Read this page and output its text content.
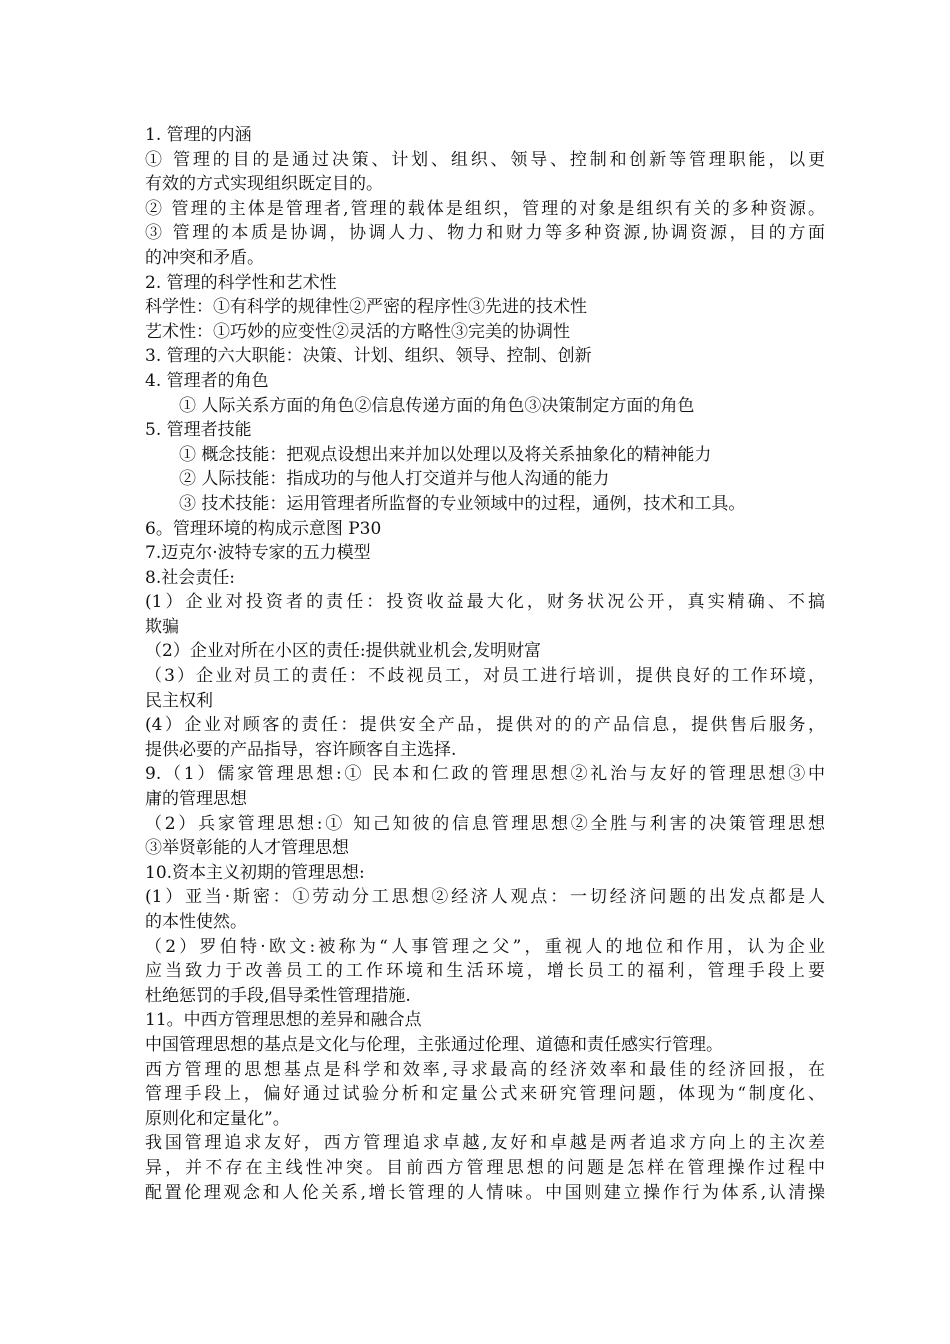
1. 管理的内涵
① 管理的目的是通过决策、计划、组织、领导、控制和创新等管理职能，以更
有效的方式实现组织既定目的。
② 管理的主体是管理者,管理的载体是组织，管理的对象是组织有关的多种资源。
③ 管理的本质是协调，协调人力、物力和财力等多种资源,协调资源，目的方面
的冲突和矛盾。
2. 管理的科学性和艺术性
科学性：①有科学的规律性②严密的程序性③先进的技术性
艺术性：①巧妙的应变性②灵活的方略性③完美的协调性
3. 管理的六大职能：决策、计划、组织、领导、控制、创新
4. 管理者的角色
① 人际关系方面的角色②信息传递方面的角色③决策制定方面的角色
5. 管理者技能
① 概念技能：把观点设想出来并加以处理以及将关系抽象化的精神能力
② 人际技能：指成功的与他人打交道并与他人沟通的能力
③ 技术技能：运用管理者所监督的专业领域中的过程，通例，技术和工具。
6。管理环境的构成示意图 P30
7.迈克尔·波特专家的五力模型
8.社会责任:
(1）企业对投资者的责任：投资收益最大化，财务状况公开，真实精确、不搞
欺骗
（2）企业对所在小区的责任:提供就业机会,发明财富
（3）企业对员工的责任：不歧视员工，对员工进行培训，提供良好的工作环境，
民主权利
(4）企业对顾客的责任：提供安全产品，提供对的的产品信息，提供售后服务，
提供必要的产品指导，容许顾客自主选择.
9.（1）儒家管理思想:① 民本和仁政的管理思想②礼治与友好的管理思想③中
庸的管理思想
（2）兵家管理思想:① 知己知彼的信息管理思想②全胜与利害的决策管理思想
③举贤彰能的人才管理思想
10.资本主义初期的管理思想:
(1）亚当·斯密：①劳动分工思想②经济人观点：一切经济问题的出发点都是人
的本性使然。
（2）罗伯特·欧文:被称为“人事管理之父”，重视人的地位和作用，认为企业
应当致力于改善员工的工作环境和生活环境，增长员工的福利，管理手段上要
杜绝惩罚的手段,倡导柔性管理措施.
11。中西方管理思想的差异和融合点
中国管理思想的基点是文化与伦理，主张通过伦理、道德和责任感实行管理。
西方管理的思想基点是科学和效率,寻求最高的经济效率和最佳的经济回报，在
管理手段上，偏好通过试验分析和定量公式来研究管理问题，体现为“制度化、
原则化和定量化”。
我国管理追求友好，西方管理追求卓越,友好和卓越是两者追求方向上的主次差
异，并不存在主线性冲突。目前西方管理思想的问题是怎样在管理操作过程中
配置伦理观念和人伦关系,增长管理的人情味。中国则建立操作行为体系,认清操
